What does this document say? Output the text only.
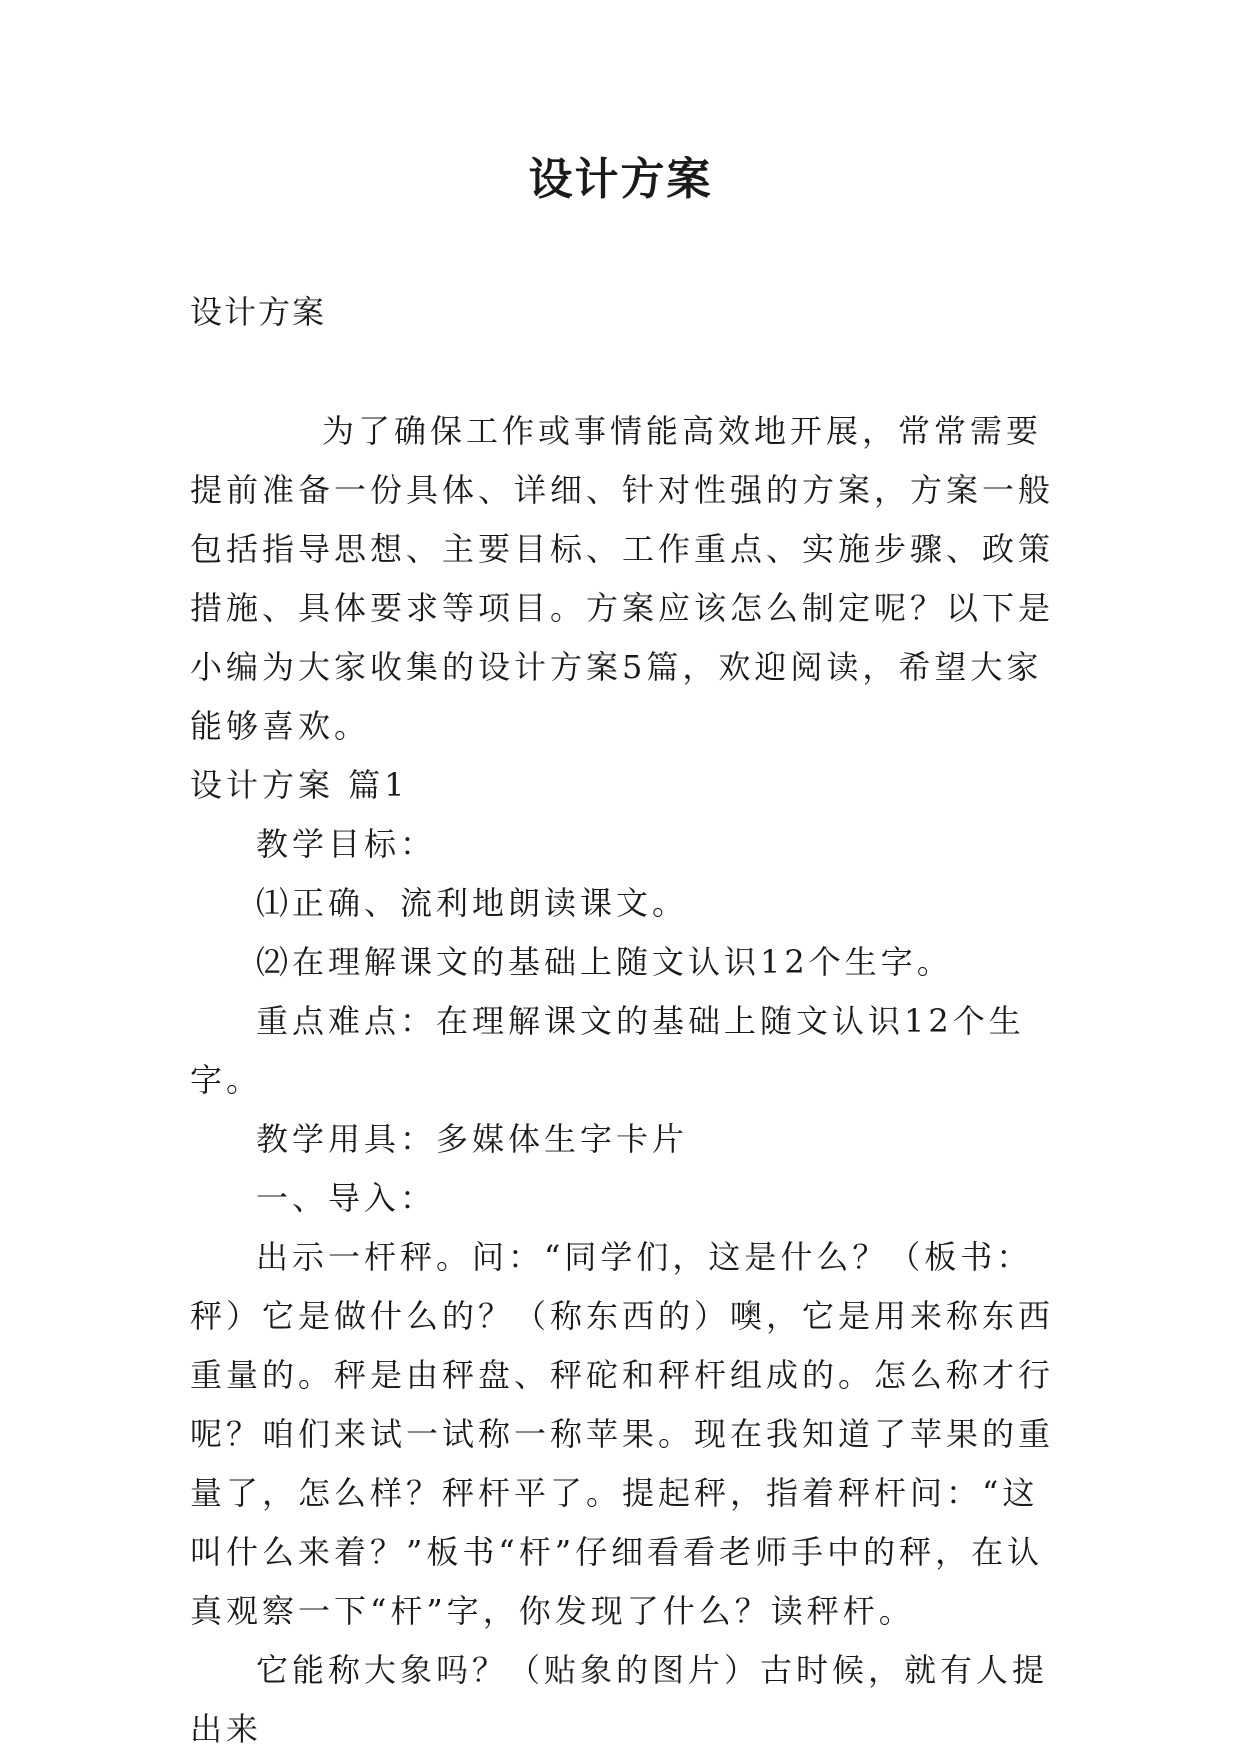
设计方案
设计方案

为了确保工作或事情能高效地开展，常常需要提前准备一份具体、详细、针对性强的方案，方案一般包括指导思想、主要目标、工作重点、实施步骤、政策措施、具体要求等项目。方案应该怎么制定呢？以下是小编为大家收集的设计方案5篇，欢迎阅读，希望大家能够喜欢。

设计方案 篇1

教学目标：

⑴正确、流利地朗读课文。

⑵在理解课文的基础上随文认识12个生字。

重点难点：在理解课文的基础上随文认识12个生字。

教学用具：多媒体生字卡片

一、导入：

出示一杆秤。问：“同学们，这是什么？（板书：秤）它是做什么的？（称东西的）噢，它是用来称东西重量的。秤是由秤盘、秤砣和秤杆组成的。怎么称才行呢？咱们来试一试称一称苹果。现在我知道了苹果的重量了，怎么样？秤杆平了。提起秤，指着秤杆问：“这叫什么来着？”板书“杆”仔细看看老师手中的秤，在认真观察一下“杆”字，你发现了什么？读秤杆。

它能称大象吗？（贴象的图片）古时候，就有人提出来
